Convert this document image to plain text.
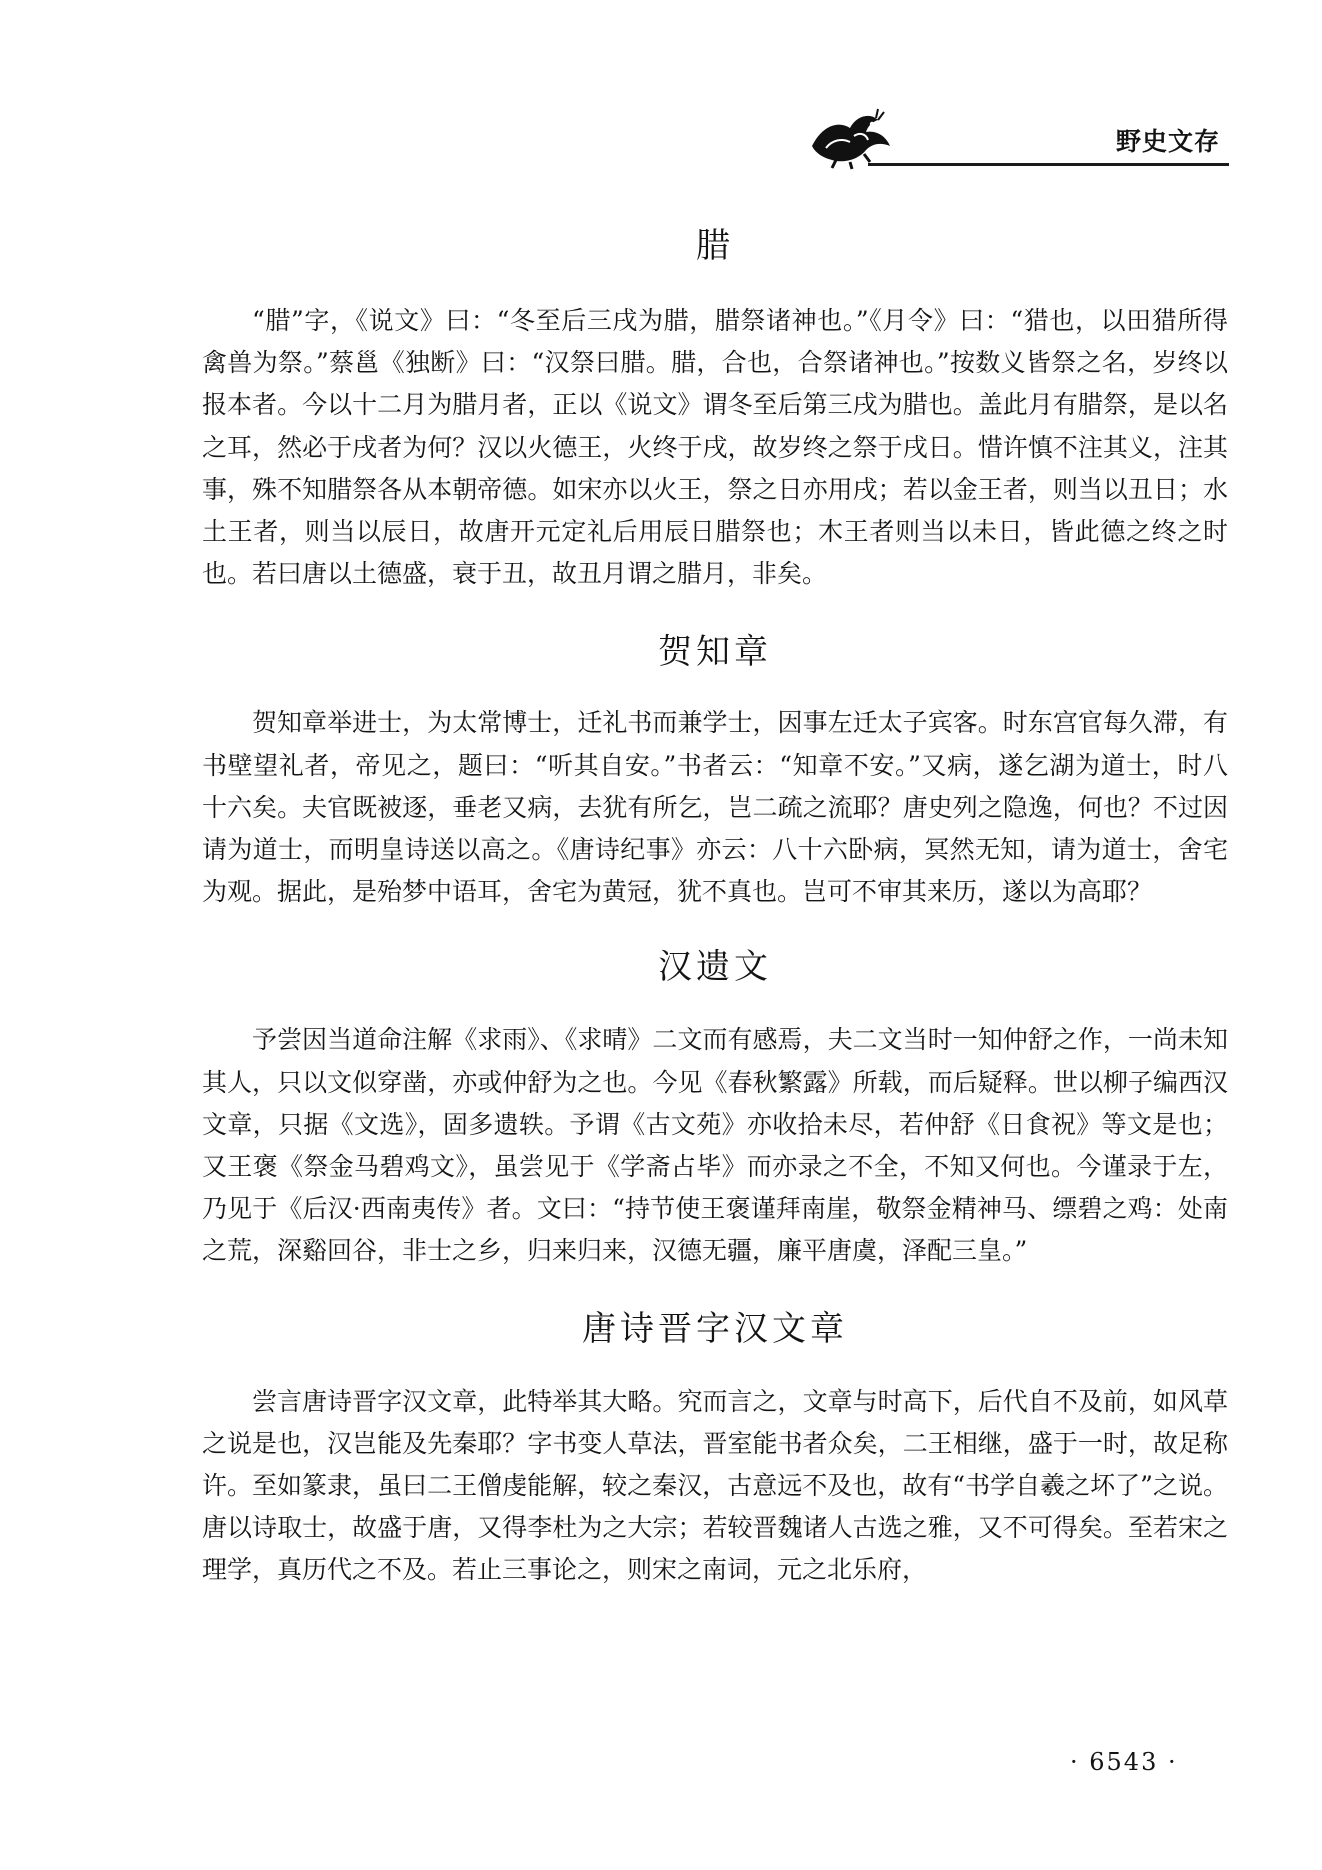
野史文存
腊

“腊”字，《说文》曰：“冬至后三戌为腊，腊祭诸神也。”《月令》曰：“猎也，以田猎所得禽兽为祭。”蔡邕《独断》曰：“汉祭曰腊。腊，合也，合祭诸神也。”按数义皆祭之名，岁终以报本者。今以十二月为腊月者，正以《说文》谓冬至后第三戌为腊也。盖此月有腊祭，是以名之耳，然必于戌者为何？汉以火德王，火终于戌，故岁终之祭于戌日。惜许慎不注其义，注其事，殊不知腊祭各从本朝帝德。如宋亦以火王，祭之日亦用戌；若以金王者，则当以丑日；水土王者，则当以辰日，故唐开元定礼后用辰日腊祭也；木王者则当以未日，皆此德之终之时也。若曰唐以土德盛，衰于丑，故丑月谓之腊月，非矣。

贺知章

贺知章举进士，为太常博士，迁礼书而兼学士，因事左迁太子宾客。时东宫官每久滞，有书壁望礼者，帝见之，题曰：“听其自安。”书者云：“知章不安。”又病，遂乞湖为道士，时八十六矣。夫官既被逐，垂老又病，去犹有所乞，岂二疏之流耶？唐史列之隐逸，何也？不过因请为道士，而明皇诗送以高之。《唐诗纪事》亦云：八十六卧病，冥然无知，请为道士，舍宅为观。据此，是殆梦中语耳，舍宅为黄冠，犹不真也。岂可不审其来历，遂以为高耶？

汉遗文

予尝因当道命注解《求雨》、《求晴》二文而有感焉，夫二文当时一知仲舒之作，一尚未知其人，只以文似穿凿，亦或仲舒为之也。今见《春秋繁露》所载，而后疑释。世以柳子编西汉文章，只据《文选》，固多遗轶。予谓《古文苑》亦收拾未尽，若仲舒《日食祝》等文是也；又王褒《祭金马碧鸡文》，虽尝见于《学斋占毕》而亦录之不全，不知又何也。今谨录于左，乃见于《后汉·西南夷传》者。文曰：“持节使王褒谨拜南崖，敬祭金精神马、缥碧之鸡：处南之荒，深谿回谷，非士之乡，归来归来，汉德无疆，廉平唐虞，泽配三皇。”

唐诗晋字汉文章

尝言唐诗晋字汉文章，此特举其大略。究而言之，文章与时高下，后代自不及前，如风草之说是也，汉岂能及先秦耶？字书变人草法，晋室能书者众矣，二王相继，盛于一时，故足称许。至如篆隶，虽曰二王僧虔能解，较之秦汉，古意远不及也，故有“书学自羲之坏了”之说。唐以诗取士，故盛于唐，又得李杜为之大宗；若较晋魏诸人古选之雅，又不可得矣。至若宋之理学，真历代之不及。若止三事论之，则宋之南词，元之北乐府，

· 6543 ·
